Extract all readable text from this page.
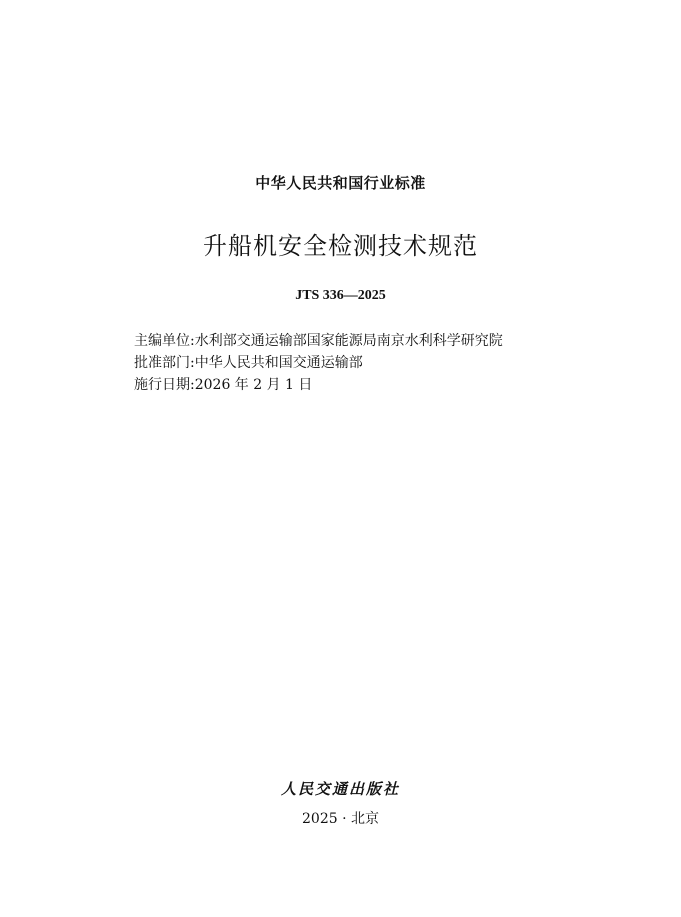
中华人民共和国行业标准
升船机安全检测技术规范
JTS 336—2025
主编单位:水利部交通运输部国家能源局南京水利科学研究院
批准部门:中华人民共和国交通运输部
施行日期:2026 年 2 月 1 日
人民交通出版社
2025 · 北京
